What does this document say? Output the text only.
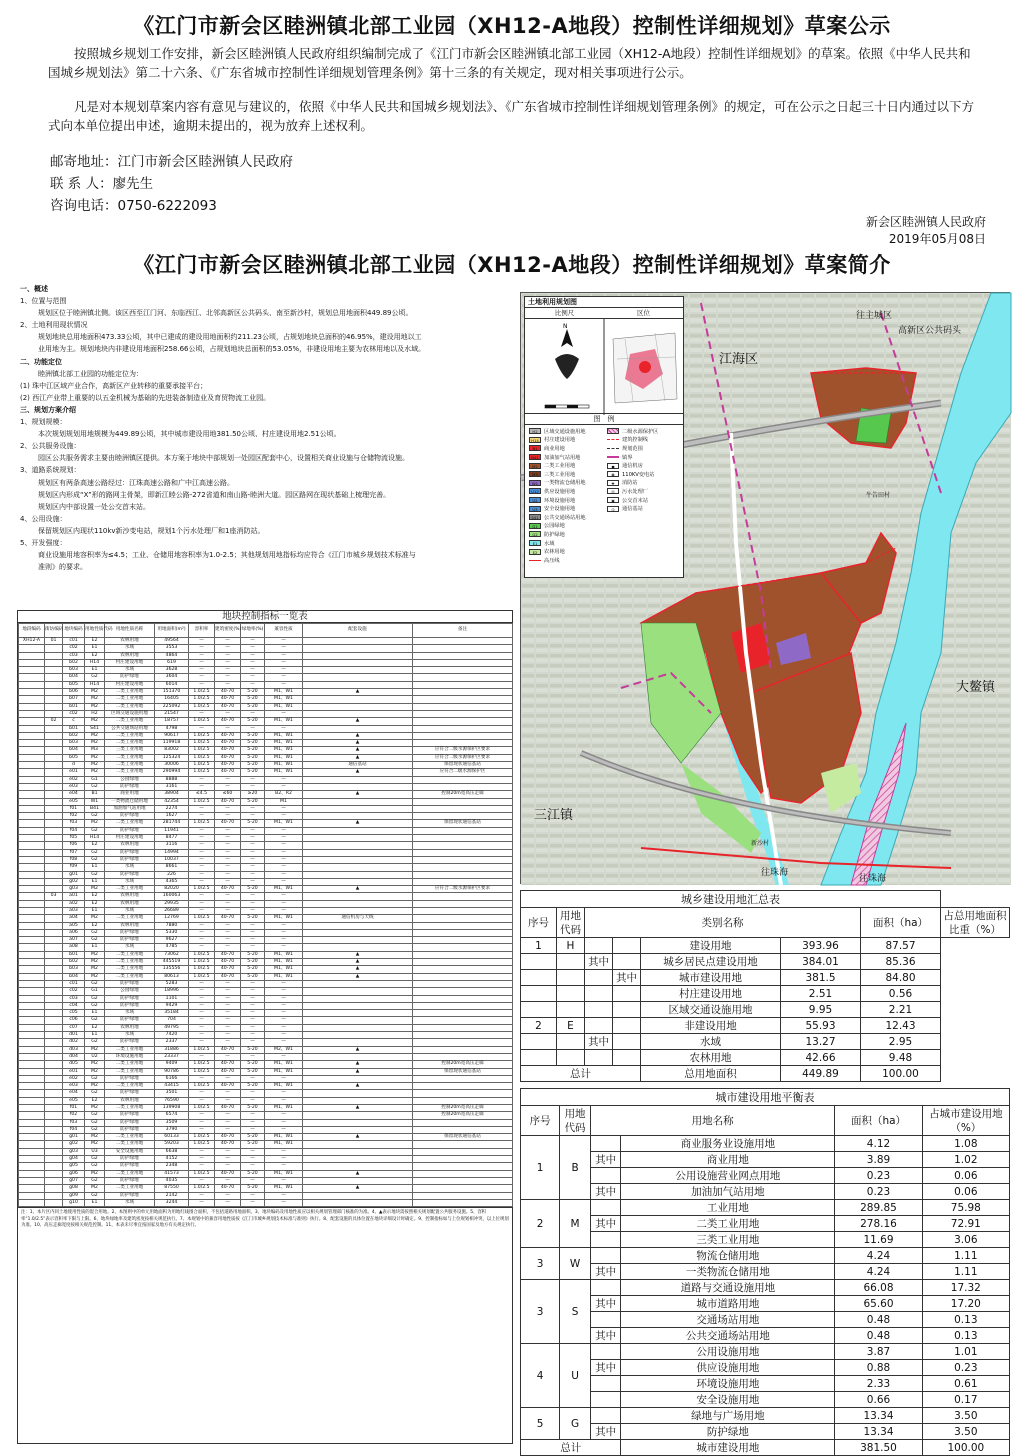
《江门市新会区睦洲镇北部工业园（XH12-A地段）控制性详细规划》草案公示
按照城乡规划工作安排，新会区睦洲镇人民政府组织编制完成了《江门市新会区睦洲镇北部工业园（XH12-A地段）控制性详细规划》的草案。依照《中华人民共和国城乡规划法》第二十六条、《广东省城市控制性详细规划管理条例》第十三条的有关规定，现对相关事项进行公示。
凡是对本规划草案内容有意见与建议的，依照《中华人民共和国城乡规划法》、《广东省城市控制性详细规划管理条例》的规定，可在公示之日起三十日内通过以下方式向本单位提出申述，逾期未提出的，视为放弃上述权利。
邮寄地址：江门市新会区睦洲镇人民政府
联 系 人：廖先生
咨询电话：0750-6222093
新会区睦洲镇人民政府
2019年05月08日
《江门市新会区睦洲镇北部工业园（XH12-A地段）控制性详细规划》草案简介
一、概述
1、位置与范围
规划区位于睦洲镇北侧。该区西至江门河、东临西江、北邻高新区公共码头、南至新沙村，规划总用地面积449.89公顷。
2、土地利用现状情况
规划地块总用地面积473.33公顷，其中已建成的建设用地面积约211.23公顷，占规划地块总面积的46.95%，建设用地以工
业用地为主。规划地块内非建设用地面积258.66公顷，占规划地块总面积的53.05%，非建设用地主要为农林用地以及水域。
二、功能定位
睦洲镇北部工业园的功能定位为：
(1) 珠中江区域产业合作，高新区产业转移的重要承接平台；
(2) 西江产业带上重要的以五金机械为基础的先进装备制造业及育贸物流工业园。
三、规划方案介绍
1、规划规模：
本次规划规划用地规模为449.89公顷，其中城市建设用地381.50公顷、村庄建设用地2.51公顷。
2、公共服务设施：
园区公共服务需求主要由睦洲镇区提供。本方案于地块中部规划一处园区配套中心，设置相关商业设施与仓储物流设施。
3、道路系统规划：
规划区有两条高速公路经过：江珠高速公路和广中江高速公路。
规划区内形成“X”形的路网主骨架，即新江睦公路-272省道和南山路-睦洲大道。园区路网在现状基础上梳理完善。
规划区内中部设置一处公交首末站。
4、公用设施：
保留规划区内现状110kv新沙变电站，规划1个污水处理厂和1座消防站。
5、开发强度：
商业设施用地容积率为≤4.5；工业、仓储用地容积率为1.0-2.5；其他规划用地指标均应符合《江门市城乡规划技术标准与
准则》的要求。
地块控制指标一览表
地段编码	街坊编码	地块编码	用地性质代码	用地性质名称	用地面积(m²)	容积率	建筑密度(%)	绿地率(%)	兼容性质	配套设施	备注
XH12-A	01	c01	E2	农林用地	49564	—	—	—	—		
		c02	E1	水域	3553	—	—	—	—		
		c03	E2	农林用地	4864	—	—	—	—		
		b02	H14	村庄建设用地	619	—	—	—	—		
		b03	E1	水域	3628	—	—	—	—		
		b04	G2	防护绿地	3604	—	—	—	—		
		b05	H14	村庄建设用地	6014	—	—	—	—		
		b06	M2	二类工业用地	151370	1.0/2.5	40-70	5-20	M1、W1	▲	
		b07	M2	二类工业用地	16405	1.0/2.5	40-70	5-20	M1、W1		
		b01	M2	二类工业用地	225092	1.0/2.5	40-70	5-20	M1、W1		
		c02	H2	区域交通设施用地	21547	—	—	—	—		
	02	c	M2	二类工业用地	18757	1.0/2.5	40-70	5-20	M1、W1	▲	
		b01	S41	公共交通场站用地	4798	—	—	—	—		
		b02	M2	二类工业用地	90617	1.0/2.5	40-70	5-20	M1、W1	▲	
		b03	M2	二类工业用地	119918	1.0/2.5	40-70	5-20	M1、W1	▲	
		b04	M3	三类工业用地	83002	1.0/2.5	40-70	5-20	M1、W1	▲	应符合二级水源保护区要求
		b05	M2	二类工业用地	125324	1.0/2.5	40-70	5-20	M1、W1	▲	应符合二级水源保护区要求
		d	M2	二类工业用地	30006	1.0/2.5	40-70	5-20	M1、W1	通信基站	保留现状通信基站
		e01	M2	二类工业用地	290994	1.0/2.5	40-70	5-20	M1、W1	▲	应符合二级水源保护区
		e02	G1	公园绿地	8888	—	—	—	—		
		e03	G2	防护绿地	3161	—	—	—	—		
		e04	B1	商业用地	38904	≤4.5	≤60	≥20	B2、R2	▲	控制20m宽高压走廊
		e05	W1	一类物流仓储用地	42354	1.0/2.5	40-70	5-20	M1		
		f01	B41	加油加气站用地	2274	—	—	—	—		
		f02	G2	防护绿地	1627	—	—	—	—		
		f03	M2	二类工业用地	281744	1.0/2.5	40-70	5-20	M1、W1	▲	保留现状通信基站
		f04	G2	防护绿地	11941	—	—	—	—		
		f05	H14	村庄建设用地	8477	—	—	—	—		
		f06	E2	农林用地	3116	—	—	—	—		
		f07	G2	防护绿地	14994	—	—	—	—		
		f08	G2	防护绿地	10037	—	—	—	—		
		f09	E1	水域	8661	—	—	—	—		
		g01	G2	防护绿地	226	—	—	—	—		
		g02	E1	水域	4365	—	—	—	—		
		g03	M2	二类工业用地	82020	1.0/2.5	40-70	5-20	M1、W1	▲	应符合二级水源保护区要求
	03	a01	E2	农林用地	160063	—	—	—	—		
		a02	E2	农林用地	29935	—	—	—	—		
		a03	E1	水域	26689	—	—	—	—		
		a04	M2	二类工业用地	12769	1.0/2.5	40-70	5-20	M1、W1	通信机房与天线	
		a05	E2	农林用地	7880	—	—	—	—		
		a06	G2	防护绿地	5330	—	—	—	—		
		a07	G2	防护绿地	9627	—	—	—	—		
		a08	E1	水域	4785	—	—	—	—		
		b01	M2	二类工业用地	73062	1.0/2.5	40-70	5-20	M1、W1	▲	
		b02	M2	二类工业用地	445519	1.0/2.5	40-70	5-20	M1、W1	▲	
		b03	M2	二类工业用地	135556	1.0/2.5	40-70	5-20	M1、W1	▲	
		b04	M2	二类工业用地	80613	1.0/2.5	40-70	5-20	M1、W1	▲	
		c01	G2	防护绿地	5283	—	—	—	—		
		c02	G1	公园绿地	18996	—	—	—	—		
		c03	G2	防护绿地	1101	—	—	—	—		
		c04	G2	防护绿地	9429	—	—	—	—		
		c05	E1	水域	35184	—	—	—	—		
		c06	G2	防护绿地	704	—	—	—	—		
		c07	E2	农林用地	49795	—	—	—	—		
		d01	E1	水域	7420	—	—	—	—		
		d02	G2	防护绿地	2337	—	—	—	—		
		d03	M2	二类工业用地	31886	1.0/2.5	40-70	5-20	M2、W1	▲	
		d04	U2	环境设施用地	23337	—	—	—	—		
		d05	M2	二类工业用地	9409	1.0/2.5	40-70	5-20	M1、W1	▲	控制20m宽高压走廊
		e01	M2	二类工业用地	90786	1.0/2.5	40-70	5-20	M1、W1	▲	保留现状通信基站
		e02	G2	防护绿地	6166	—	—	—	—		
		e03	M2	二类工业用地	43415	1.0/2.5	40-70	5-20	M1、W1	▲	
		e04	G2	防护绿地	3501	—	—	—	—		
		e05	E2	农林用地	76590	—	—	—	—		
		f01	M2	二类工业用地	139908	1.0/2.5	40-70	5-20	M1、W1	▲	控制20m宽高压走廊
		f02	G2	防护绿地	6574	—	—	—	—		控制20m宽高压走廊
		f03	G2	防护绿地	3509	—	—	—	—		
		f04	G2	防护绿地	3790	—	—	—	—		
		g01	M2	二类工业用地	60133	1.0/2.5	40-70	5-20	M1、W1	▲	保留现状通信基站
		g02	M2	二类工业用地	59203	1.0/2.5	40-70	5-20	M1、W1		
		g03	U3	安全设施用地	6638	—	—	—	—		
		g04	G2	防护绿地	4152	—	—	—	—		
		g05	G2	防护绿地	2348	—	—	—	—		
		g06	M2	二类工业用地	41573	1.0/2.5	40-70	5-20	M1、W1	▲	
		g07	G2	防护绿地	4035	—	—	—	—		
		g08	M2	二类工业用地	87550	1.0/2.5	40-70	5-20	M1、W1	▲	
		g09	G2	防护绿地	2142	—	—	—	—		
		g10	E1	水域	3244	—	—	—	—		
注：1、本片区内同土地使用性质的混合用地。2、本图则中的单元用地面积为用地红线围合面积，不包括道路用地面积。3、地块编码及用地性质应以相关规划管理部门核准的为准。4、▲表示地块需按照相关规划配置公共服务设施。5、容积率“1.0/2.5”表示容积率下限与上限。6、地块绿地率及建筑密度按相关规范执行。7、本规划中的兼容用地性质按《江门市城乡规划技术标准与准则》执行。8、配套设施的具体位置在地块详细设计时确定。9、控制指标如与上位规划相冲突，以上位规划为准。10、高压走廊宽度按相关规范控制。11、本表未尽事宜按国家及地方有关规定执行。
江海区
大鳌镇
三江镇
往主城区
高新区公共码头
往珠海
往珠海
新沙村
牛告田村
土地利用规划图
比例尺	区位
N
图　例
H2	区域交通设施用地
H14 村庄建设用地
B1	商业用地
B41	加油加气站用地
M2	二类工业用地
M3	三类工业用地
W1	一类物流仓储用地
U12 供应设施用地
U2	环境设施用地
U3	安全设施用地
S41	公共交通场站用地
G1	公园绿地
G2	防护绿地
E1	水域
E2	农林用地
高压线
二级水源保护区
建筑控制线
规划范围
镇界
◼	通信机房
◉	110KV变电站
✚	消防站
◎	污水处理厂
▣	公交首末站
⌬	通信基站
城乡建设用地汇总表							
序号	用地代码	类别名称				面积（ha）	占总用地面积比重（%）
1	H			建设用地	393.96	87.57	
		其中		城乡居民点建设用地	384.01	85.36	
			其中	城市建设用地	381.5	84.80	
				村庄建设用地	2.51	0.56	
				区域交通设施用地	9.95	2.21	
2	E			非建设用地	55.93	12.43	
		其中		水域	13.27	2.95	
				农林用地	42.66	9.48	
总计				总用地面积	449.89	100.00	
城市建设用地平衡表					
序号	用地代码	用地名称		面积（ha）	占城市建设用地（%）
1	B		商业服务业设施用地	4.12	1.08
		其中	商业用地	3.89	1.02
			公用设施营业网点用地	0.23	0.06
		其中	加油加气站用地	0.23	0.06
2	M		工业用地	289.85	75.98
		其中	二类工业用地	278.16	72.91
			三类工业用地	11.69	3.06
3	W		物流仓储用地	4.24	1.11
		其中	一类物流仓储用地	4.24	1.11
3	S		道路与交通设施用地	66.08	17.32
		其中	城市道路用地	65.60	17.20
			交通场站用地	0.48	0.13
		其中	公共交通场站用地	0.48	0.13
4	U		公用设施用地	3.87	1.01
		其中	供应设施用地	0.88	0.23
			环境设施用地	2.33	0.61
			安全设施用地	0.66	0.17
5	G		绿地与广场用地	13.34	3.50
		其中	防护绿地	13.34	3.50
总计			城市建设用地	381.50	100.00
